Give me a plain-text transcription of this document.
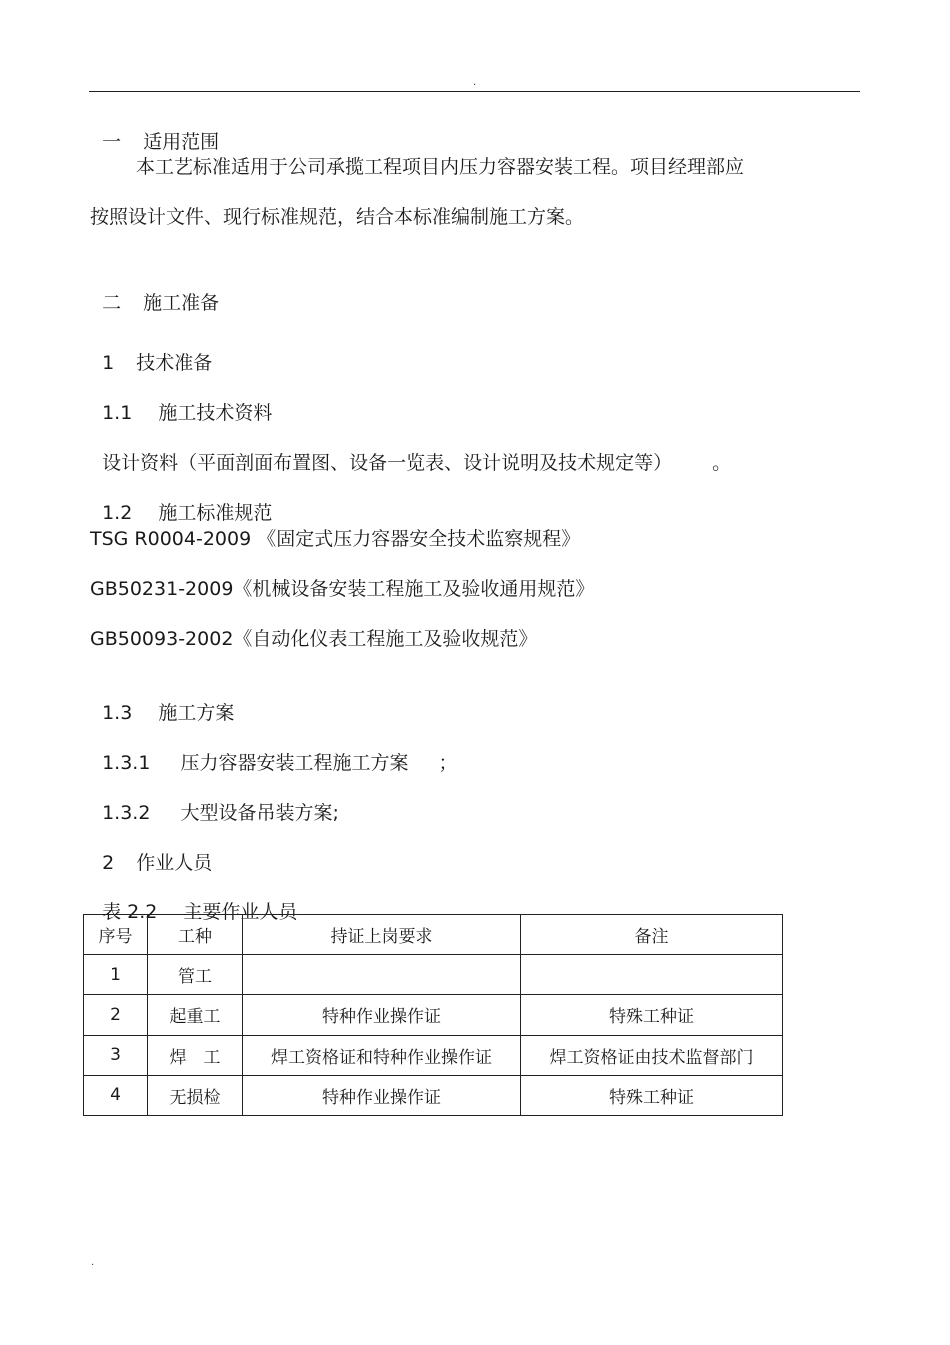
.

一 适用范围

本工艺标准适用于公司承揽工程项目内压力容器安装工程。项目经理部应
按照设计文件、现行标准规范，结合本标准编制施工方案。

二 施工准备

1 技术准备

1.1 施工技术资料

设计资料（平面剖面布置图、设备一览表、设计说明及技术规定等） 。

1.2 施工标准规范

TSG R0004-2009 《固定式压力容器安全技术监察规程》
GB50231-2009《机械设备安装工程施工及验收通用规范》
GB50093-2002《自动化仪表工程施工及验收规范》

1.3 施工方案

1.3.1 压力容器安装工程施工方案 ；

1.3.2 大型设备吊装方案;

2 作业人员

表 2.2 主要作业人员

序号	工种	持证上岗要求	备注
1	管工		
2	起重工	特种作业操作证	特殊工种证
3	焊　工	焊工资格证和特种作业操作证	焊工资格证由技术监督部门
4	无损检	特种作业操作证	特殊工种证
.
